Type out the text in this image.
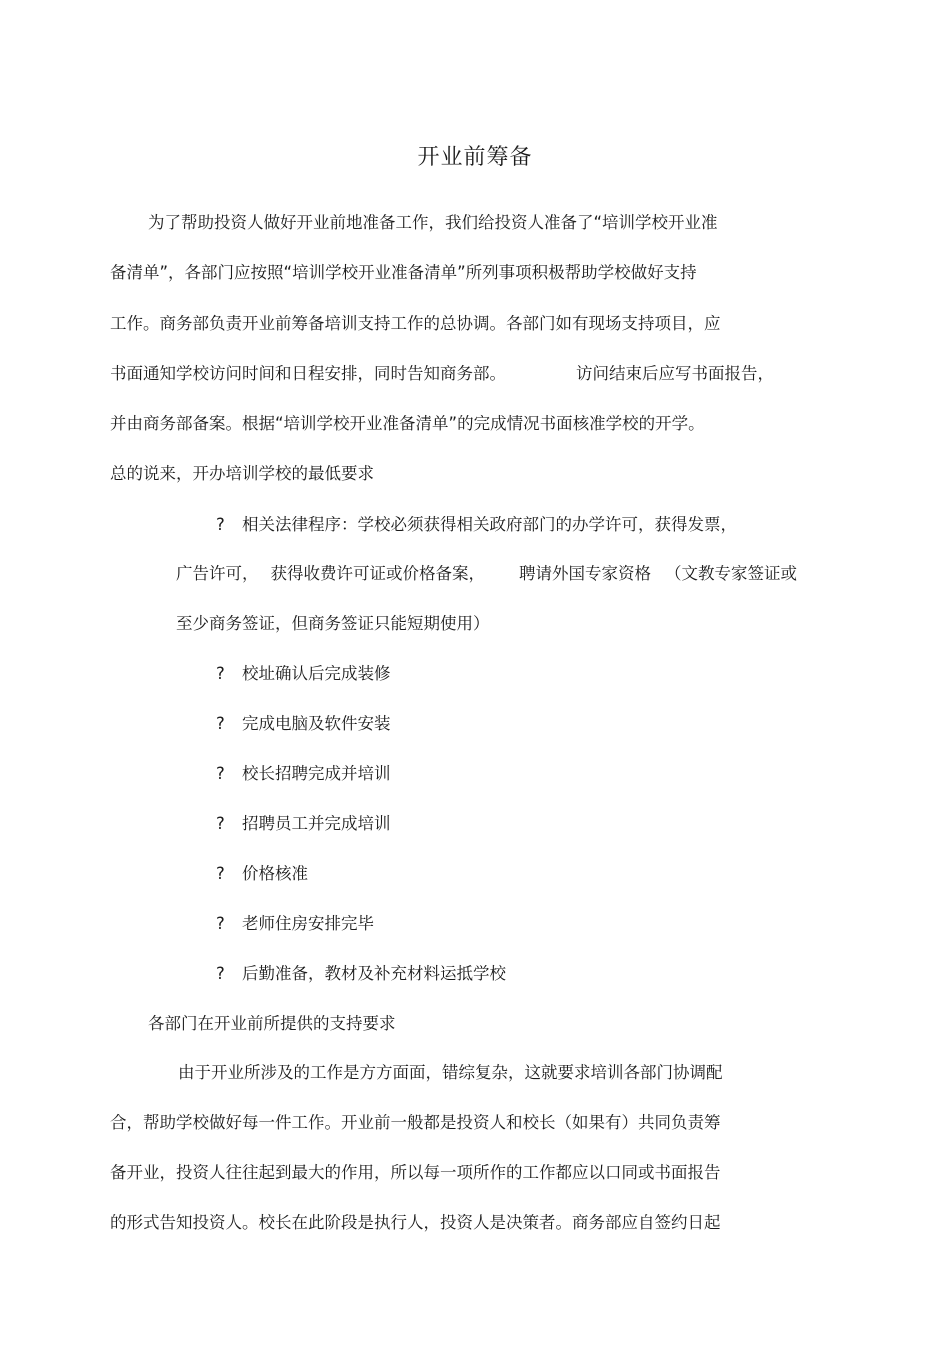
开业前筹备
为了帮助投资人做好开业前地准备工作，我们给投资人准备了“培训学校开业准
备清单”，各部门应按照“培训学校开业准备清单”所列事项积极帮助学校做好支持
工作。商务部负责开业前筹备培训支持工作的总协调。各部门如有现场支持项目，应
书面通知学校访问时间和日程安排，同时告知商务部。	访问结束后应写书面报告，
并由商务部备案。根据“培训学校开业准备清单”的完成情况书面核准学校的开学。
总的说来，开办培训学校的最低要求
? 相关法律程序：学校必须获得相关政府部门的办学许可，获得发票，
广告许可， 获得收费许可证或价格备案， 聘请外国专家资格 （文教专家签证或
至少商务签证，但商务签证只能短期使用）
? 校址确认后完成装修
? 完成电脑及软件安装
? 校长招聘完成并培训
? 招聘员工并完成培训
? 价格核准
? 老师住房安排完毕
? 后勤准备，教材及补充材料运抵学校
各部门在开业前所提供的支持要求
由于开业所涉及的工作是方方面面，错综复杂，这就要求培训各部门协调配
合，帮助学校做好每一件工作。开业前一般都是投资人和校长（如果有）共同负责筹
备开业，投资人往往起到最大的作用，所以每一项所作的工作都应以口同或书面报告
的形式告知投资人。校长在此阶段是执行人，投资人是决策者。商务部应自签约日起
